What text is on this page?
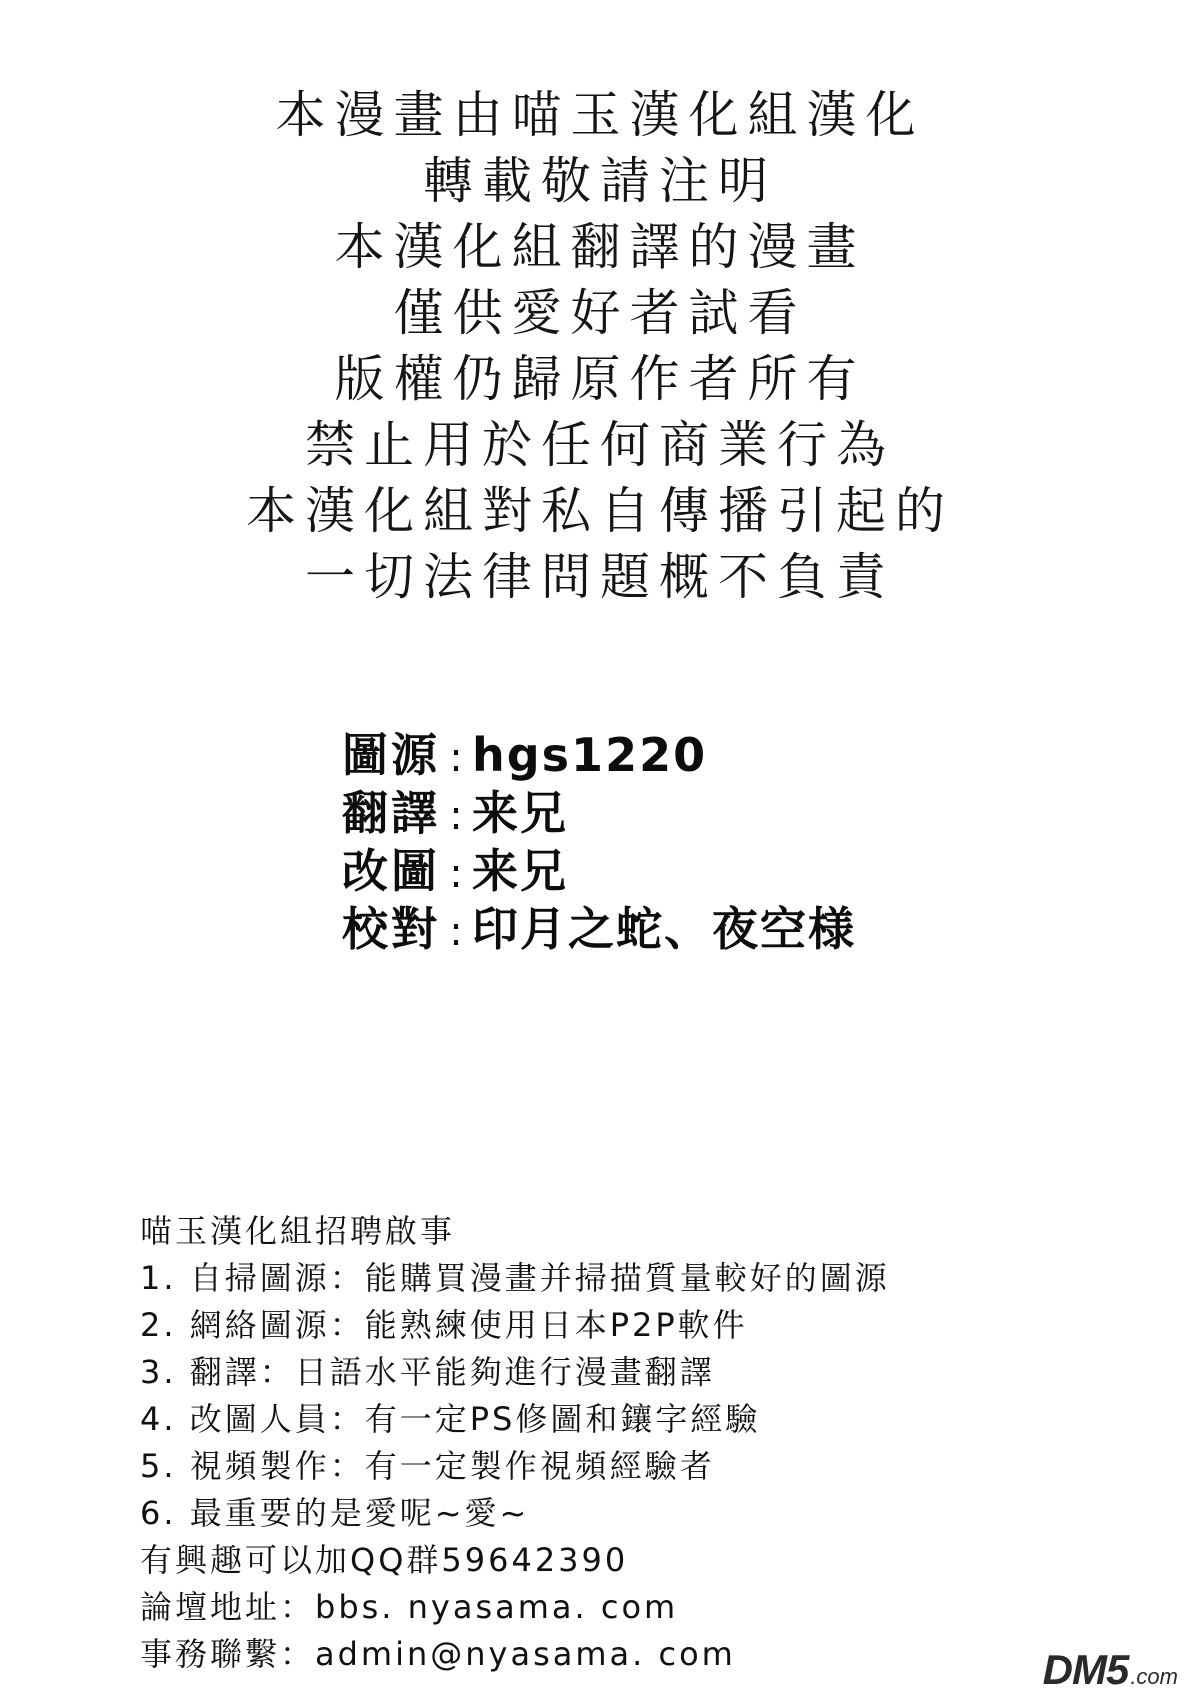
本漫畫由喵玉漢化組漢化
轉載敬請注明
本漢化組翻譯的漫畫
僅供愛好者試看
版權仍歸原作者所有
禁止用於任何商業行為
本漢化組對私自傳播引起的
一切法律問題概不負責
圖源 : hgs1220
翻譯 : 来兄
改圖 : 来兄
校對 : 印月之蛇、夜空様
喵玉漢化組招聘啟事
1. 自掃圖源：能購買漫畫并掃描質量較好的圖源
2. 網絡圖源：能熟練使用日本P2P軟件
3. 翻譯：日語水平能夠進行漫畫翻譯
4. 改圖人員：有一定PS修圖和鑲字經驗
5. 視頻製作：有一定製作視頻經驗者
6. 最重要的是愛呢~愛~
有興趣可以加QQ群59642390
論壇地址：bbs. nyasama. com
事務聯繫：admin@nyasama. com	DM5 .com
